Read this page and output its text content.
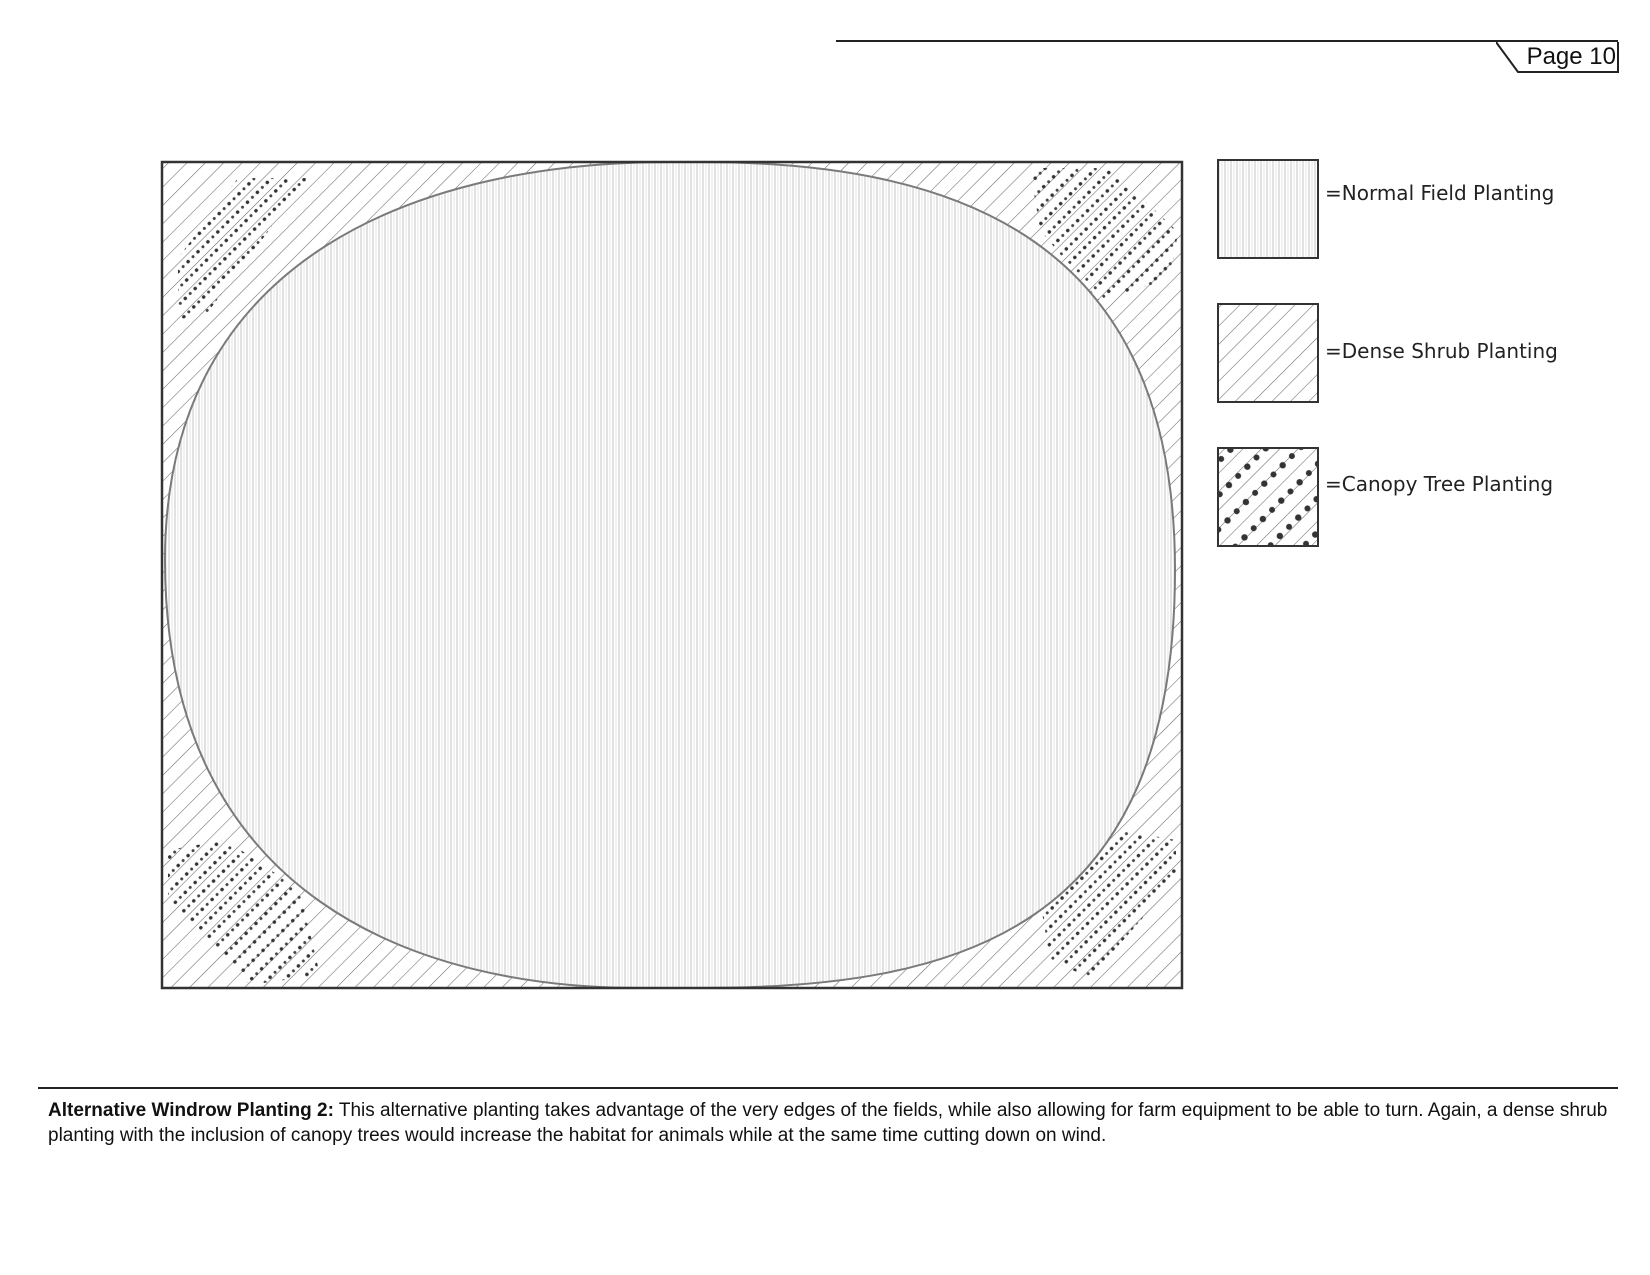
Page 10
=Normal Field Planting
=Dense Shrub Planting
=Canopy Tree Planting
Alternative Windrow Planting 2: This alternative planting takes advantage of the very edges of the fields, while also allowing for farm equipment to be able to turn. Again, a dense shrub planting with the inclusion of canopy trees would increase the habitat for animals while at the same time cutting down on wind.
